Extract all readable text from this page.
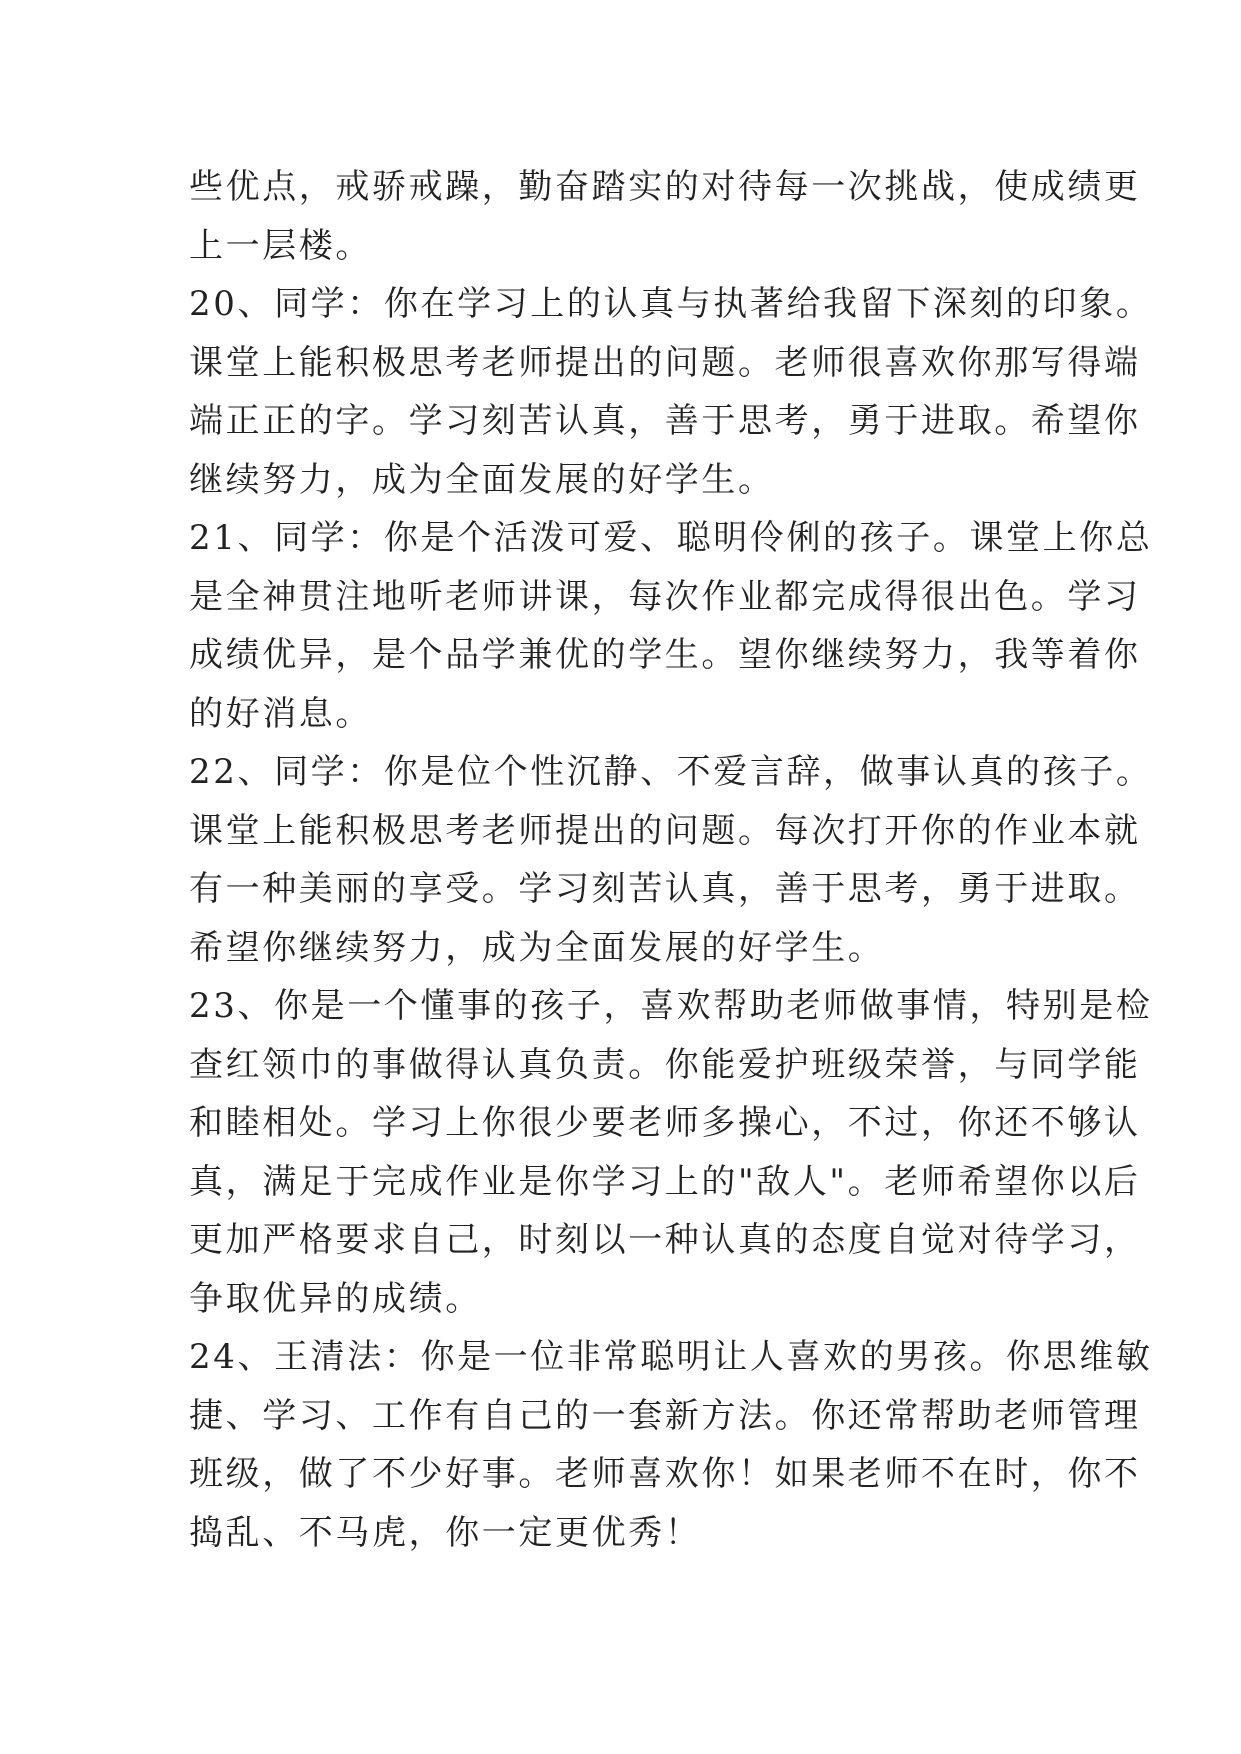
些优点，戒骄戒躁，勤奋踏实的对待每一次挑战，使成绩更
上一层楼。
20、同学：你在学习上的认真与执著给我留下深刻的印象。
课堂上能积极思考老师提出的问题。老师很喜欢你那写得端
端正正的字。学习刻苦认真，善于思考，勇于进取。希望你
继续努力，成为全面发展的好学生。
21、同学：你是个活泼可爱、聪明伶俐的孩子。课堂上你总
是全神贯注地听老师讲课，每次作业都完成得很出色。学习
成绩优异，是个品学兼优的学生。望你继续努力，我等着你
的好消息。
22、同学：你是位个性沉静、不爱言辞，做事认真的孩子。
课堂上能积极思考老师提出的问题。每次打开你的作业本就
有一种美丽的享受。学习刻苦认真，善于思考，勇于进取。
希望你继续努力，成为全面发展的好学生。
23、你是一个懂事的孩子，喜欢帮助老师做事情，特别是检
查红领巾的事做得认真负责。你能爱护班级荣誉，与同学能
和睦相处。学习上你很少要老师多操心，不过，你还不够认
真，满足于完成作业是你学习上的"敌人"。老师希望你以后
更加严格要求自己，时刻以一种认真的态度自觉对待学习，
争取优异的成绩。
24、王清法：你是一位非常聪明让人喜欢的男孩。你思维敏
捷、学习、工作有自己的一套新方法。你还常帮助老师管理
班级，做了不少好事。老师喜欢你！如果老师不在时，你不
捣乱、不马虎，你一定更优秀！
